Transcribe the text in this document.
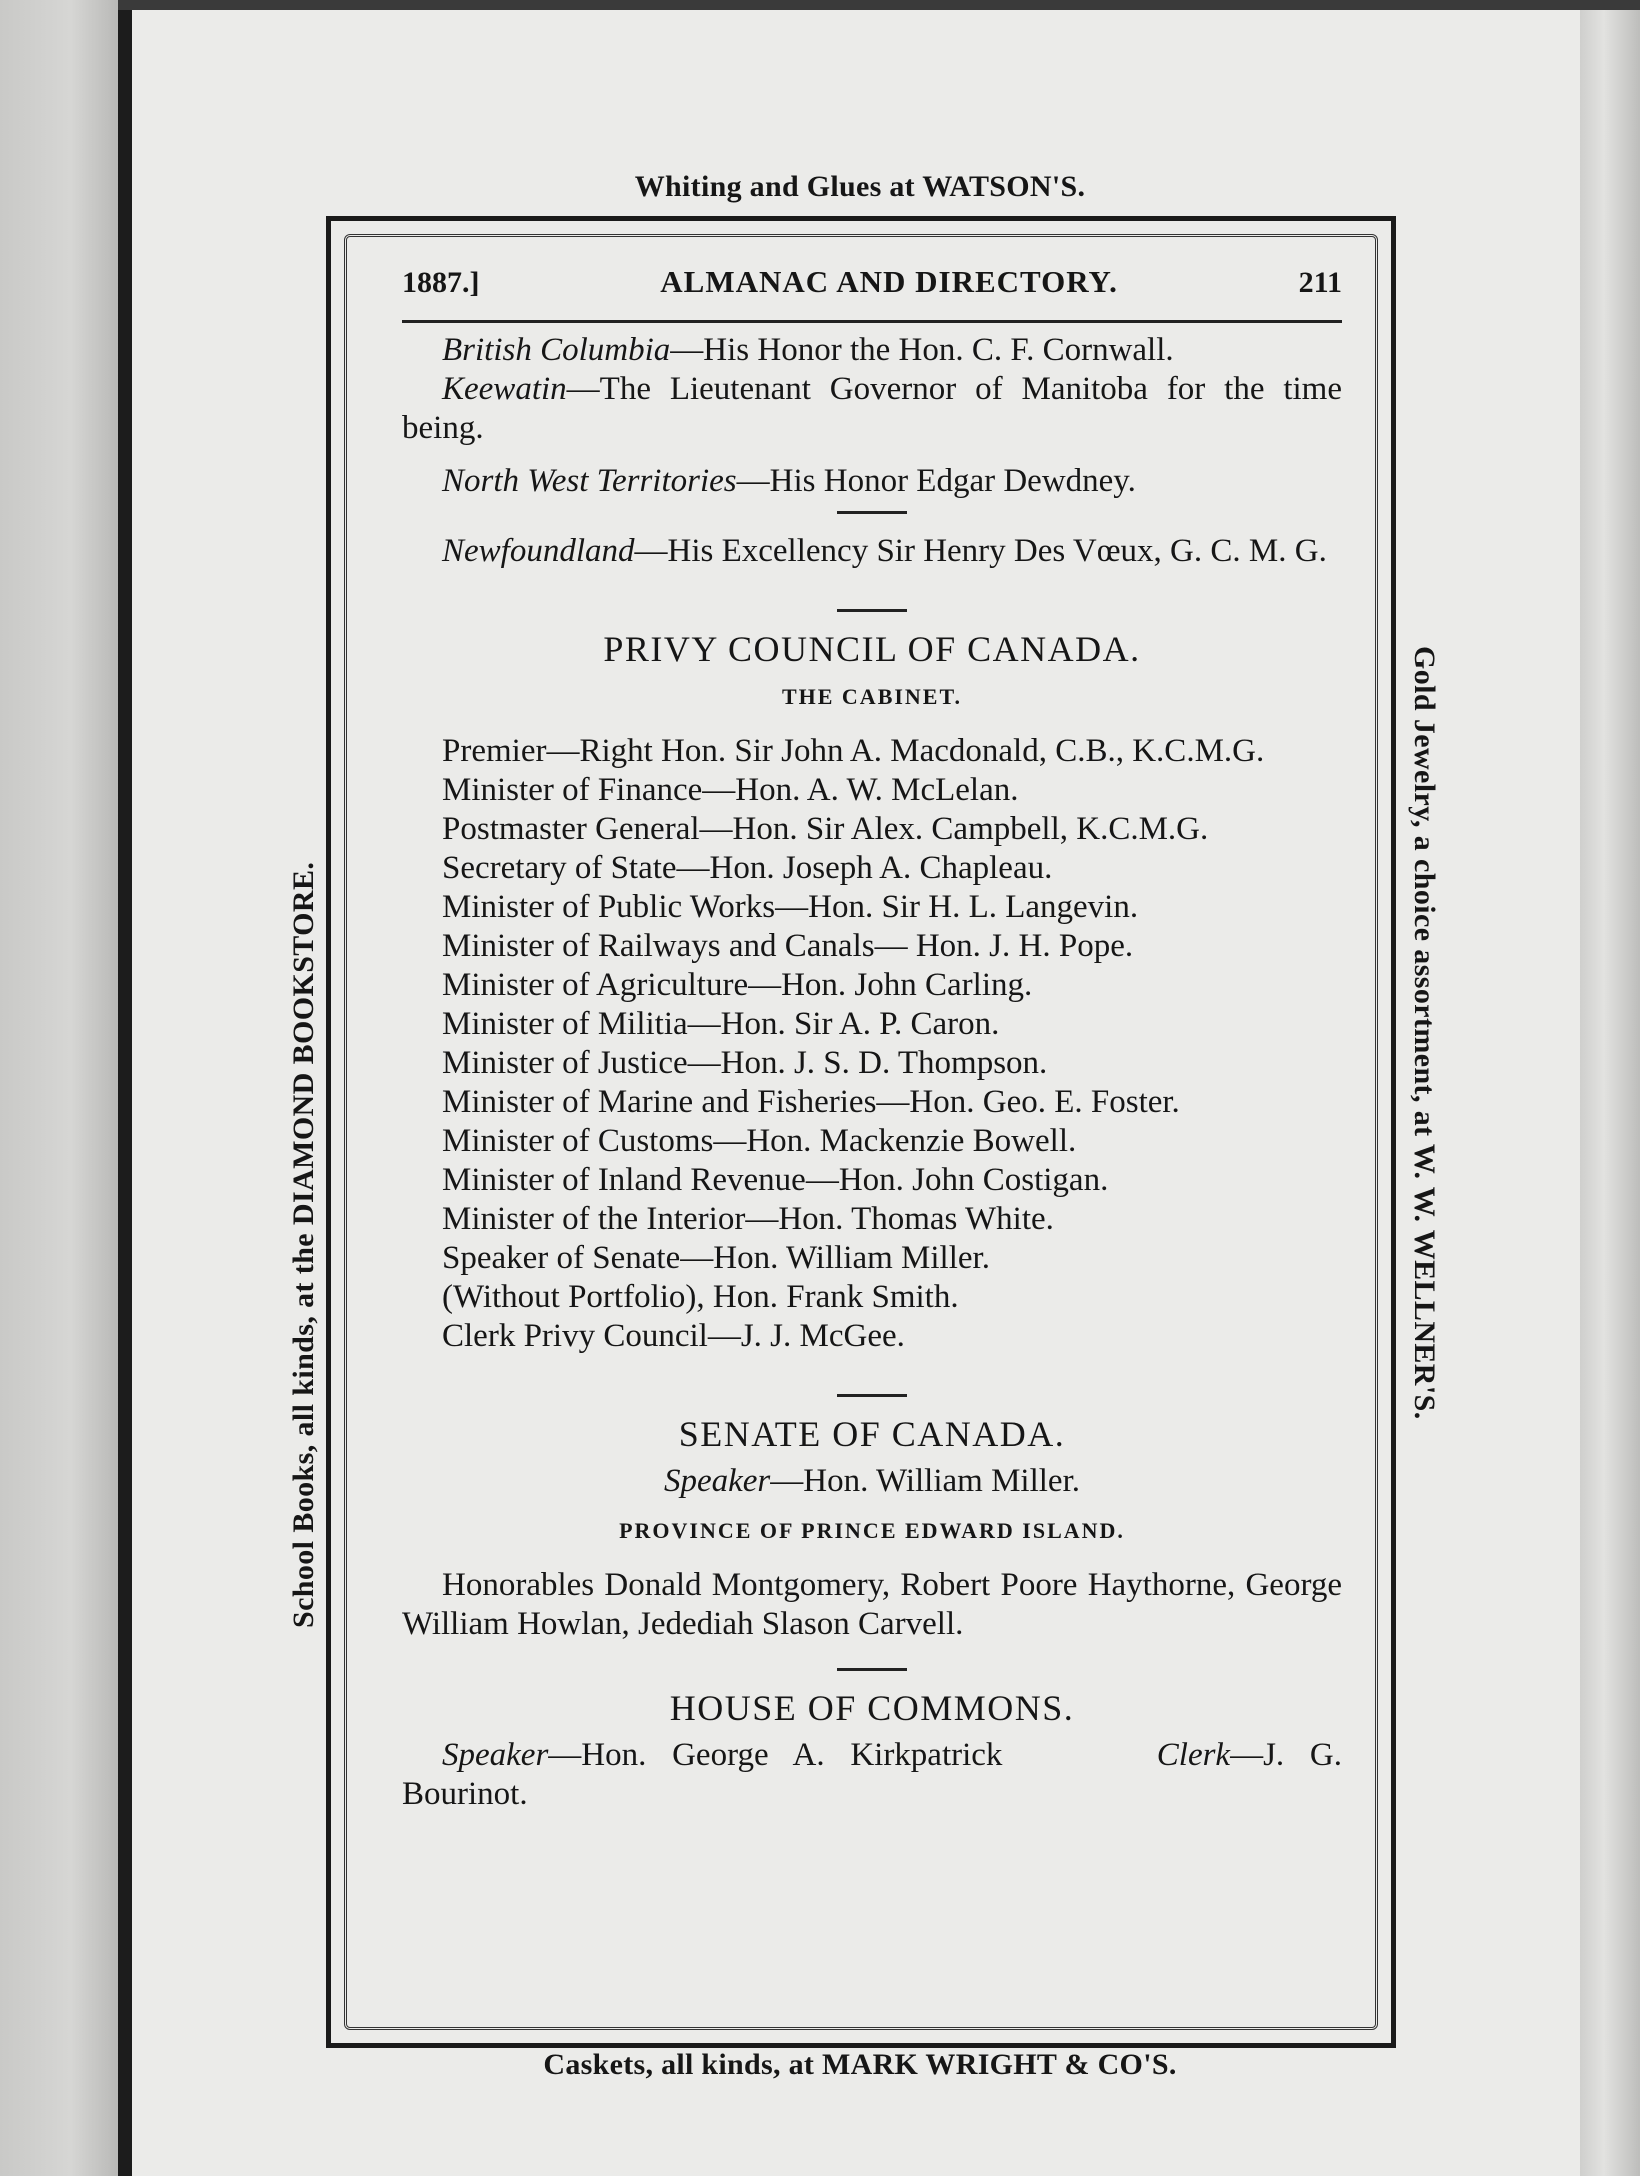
Whiting and Glues at WATSON'S.
Caskets, all kinds, at MARK WRIGHT & CO'S.
School Books, all kinds, at the DIAMOND BOOKSTORE.	Gold Jewelry, a choice assortment, at W. W. WELLNER'S.
1887.]	ALMANAC AND DIRECTORY.	211

British Columbia—His Honor the Hon. C. F. Cornwall.

Keewatin—The Lieutenant Governor of Manitoba for the time being.

North West Territories—His Honor Edgar Dewdney.

Newfoundland—His Excellency Sir Henry Des Vœux, G. C. M. G.

PRIVY COUNCIL OF CANADA.
THE CABINET.

Premier—Right Hon. Sir John A. Macdonald, C.B., K.C.M.G.

Minister of Finance—Hon. A. W. McLelan.

Postmaster General—Hon. Sir Alex. Campbell, K.C.M.G.

Secretary of State—Hon. Joseph A. Chapleau.

Minister of Public Works—Hon. Sir H. L. Langevin.

Minister of Railways and Canals— Hon. J. H. Pope.

Minister of Agriculture—Hon. John Carling.

Minister of Militia—Hon. Sir A. P. Caron.

Minister of Justice—Hon. J. S. D. Thompson.

Minister of Marine and Fisheries—Hon. Geo. E. Foster.

Minister of Customs—Hon. Mackenzie Bowell.

Minister of Inland Revenue—Hon. John Costigan.

Minister of the Interior—Hon. Thomas White.

Speaker of Senate—Hon. William Miller.

(Without Portfolio), Hon. Frank Smith.

Clerk Privy Council—J. J. McGee.

SENATE OF CANADA.

Speaker—Hon. William Miller.

PROVINCE OF PRINCE EDWARD ISLAND.

Honorables Donald Montgomery, Robert Poore Haythorne, George William Howlan, Jedediah Slason Carvell.

HOUSE OF COMMONS.

Speaker—Hon. George A. Kirkpatrick	Clerk—J. G. Bourinot.
